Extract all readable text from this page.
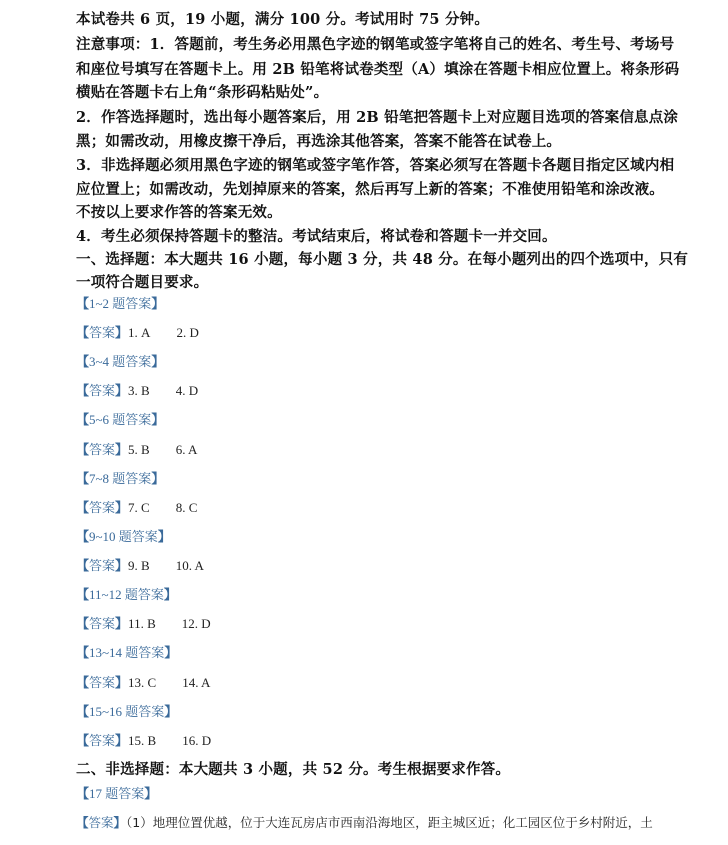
本试卷共 6 页，19 小题，满分 100 分。考试用时 75 分钟。
注意事项：1．答题前，考生务必用黑色字迹的钢笔或签字笔将自己的姓名、考生号、考场号
和座位号填写在答题卡上。用 2B 铅笔将试卷类型（A）填涂在答题卡相应位置上。将条形码
横贴在答题卡右上角“条形码粘贴处”。
2．作答选择题时，选出每小题答案后，用 2B 铅笔把答题卡上对应题目选项的答案信息点涂
黑；如需改动，用橡皮擦干净后，再选涂其他答案，答案不能答在试卷上。
3．非选择题必须用黑色字迹的钢笔或签字笔作答，答案必须写在答题卡各题目指定区域内相
应位置上；如需改动，先划掉原来的答案，然后再写上新的答案；不准使用铅笔和涂改液。
不按以上要求作答的答案无效。
4．考生必须保持答题卡的整洁。考试结束后，将试卷和答题卡一并交回。
一、选择题：本大题共 16 小题，每小题 3 分，共 48 分。在每小题列出的四个选项中，只有
一项符合题目要求。
【1~2 题答案】
【答案】1. A 2. D
【3~4 题答案】
【答案】3. B 4. D
【5~6 题答案】
【答案】5. B 6. A
【7~8 题答案】
【答案】7. C 8. C
【9~10 题答案】
【答案】9. B 10. A
【11~12 题答案】
【答案】11. B 12. D
【13~14 题答案】
【答案】13. C 14. A
【15~16 题答案】
【答案】15. B 16. D
二、非选择题：本大题共 3 小题，共 52 分。考生根据要求作答。
【17 题答案】
【答案】（1）地理位置优越，位于大连瓦房店市西南沿海地区，距主城区近；化工园区位于乡村附近，土
